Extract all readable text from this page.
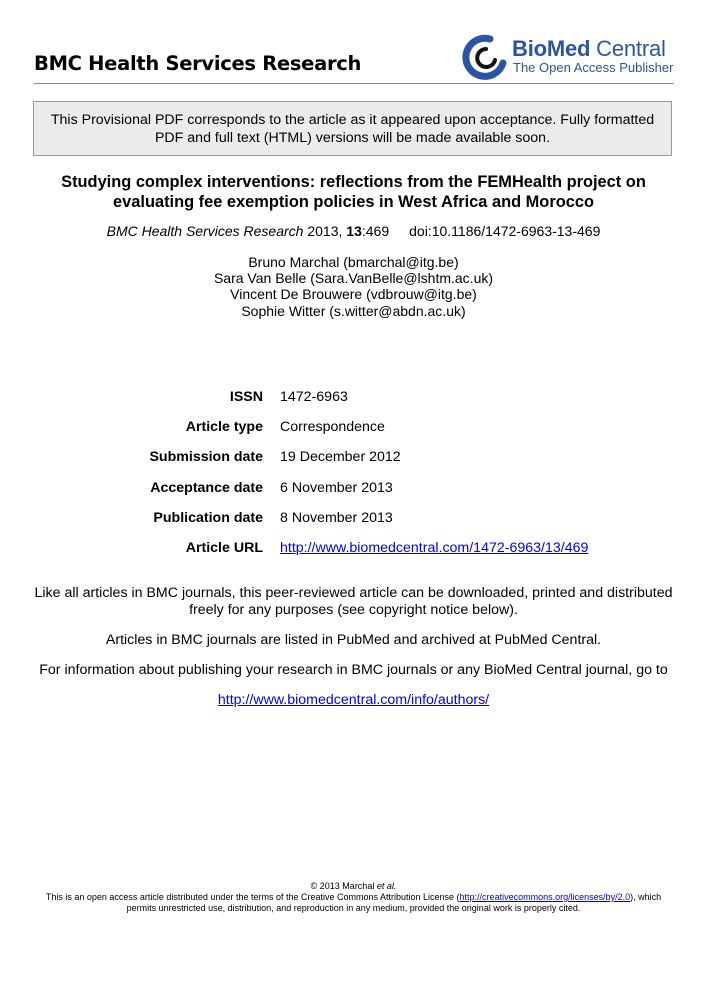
BMC Health Services Research
BioMed Central
The Open Access Publisher
This Provisional PDF corresponds to the article as it appeared upon acceptance. Fully formatted PDF and full text (HTML) versions will be made available soon.
Studying complex interventions: reflections from the FEMHealth project on evaluating fee exemption policies in West Africa and Morocco
BMC Health Services Research 2013, 13:469 doi:10.1186/1472-6963-13-469
Bruno Marchal (bmarchal@itg.be)
Sara Van Belle (Sara.VanBelle@lshtm.ac.uk)
Vincent De Brouwere (vdbrouw@itg.be)
Sophie Witter (s.witter@abdn.ac.uk)
ISSN 1472-6963
Article type Correspondence
Submission date 19 December 2012
Acceptance date 6 November 2013
Publication date 8 November 2013
Article URL http://www.biomedcentral.com/1472-6963/13/469
Like all articles in BMC journals, this peer-reviewed article can be downloaded, printed and distributed freely for any purposes (see copyright notice below).
Articles in BMC journals are listed in PubMed and archived at PubMed Central.
For information about publishing your research in BMC journals or any BioMed Central journal, go to
http://www.biomedcentral.com/info/authors/
© 2013 Marchal et al.
This is an open access article distributed under the terms of the Creative Commons Attribution License (http://creativecommons.org/licenses/by/2.0), which
permits unrestricted use, distribution, and reproduction in any medium, provided the original work is properly cited.
